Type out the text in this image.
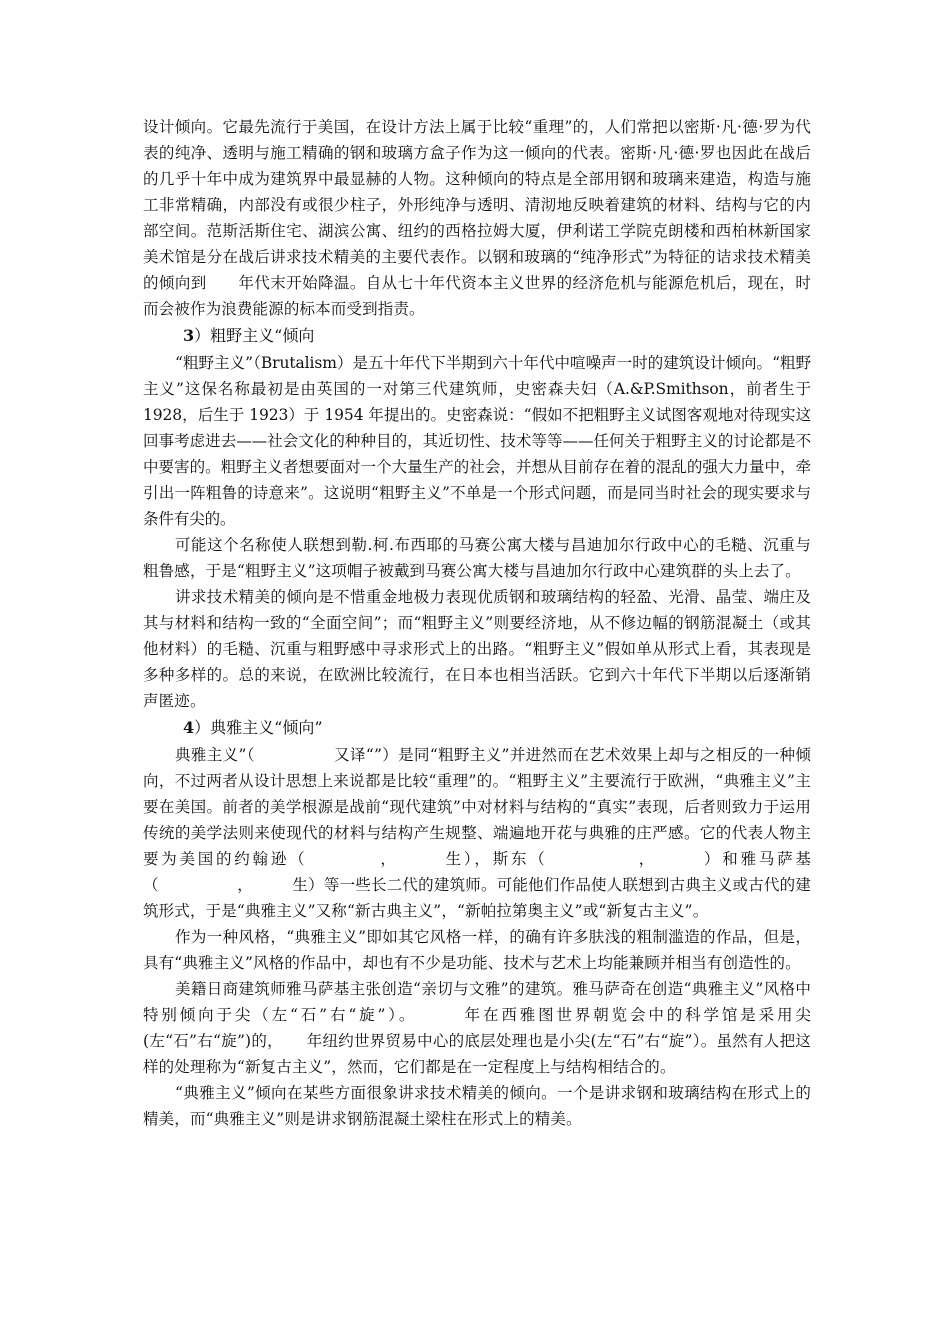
设计倾向。它最先流行于美国，在设计方法上属于比较“重理”的，人们常把以密斯·凡·德·罗为代表的纯净、透明与施工精确的钢和玻璃方盒子作为这一倾向的代表。密斯·凡·德·罗也因此在战后的几乎十年中成为建筑界中最显赫的人物。这种倾向的特点是全部用钢和玻璃来建造，构造与施工非常精确，内部没有或很少柱子，外形纯净与透明、清沏地反映着建筑的材料、结构与它的内部空间。范斯活斯住宅、湖滨公寓、纽约的西格拉姆大厦，伊利诺工学院克朗楼和西柏林新国家美术馆是分在战后讲求技术精美的主要代表作。以钢和玻璃的“纯净形式”为特征的诘求技术精美的倾向到　　年代末开始降温。自从七十年代资本主义世界的经济危机与能源危机后，现在，时而会被作为浪费能源的标本而受到指责。

3）粗野主义“倾向

“粗野主义”（Brutalism）是五十年代下半期到六十年代中喧噪声一时的建筑设计倾向。“粗野主义”这保名称最初是由英国的一对第三代建筑师，史密森夫妇（A.&P.Smithson，前者生于 1928，后生于 1923）于 1954 年提出的。史密森说：“假如不把粗野主义试图客观地对待现实这回事考虑进去——社会文化的种种目的，其近切性、技术等等——任何关于粗野主义的讨论都是不中要害的。粗野主义者想要面对一个大量生产的社会，并想从目前存在着的混乱的强大力量中，牵引出一阵粗鲁的诗意来”。这说明“粗野主义”不单是一个形式问题，而是同当时社会的现实要求与条件有尖的。

可能这个名称使人联想到勒.柯.布西耶的马赛公寓大楼与昌迪加尔行政中心的毛糙、沉重与粗鲁感，于是“粗野主义”这项帽子被戴到马赛公寓大楼与昌迪加尔行政中心建筑群的头上去了。

讲求技术精美的倾向是不惜重金地极力表现优质钢和玻璃结构的轻盈、光滑、晶莹、端庄及其与材料和结构一致的“全面空间”；而“粗野主义”则要经济地，从不修边幅的钢筋混凝土（或其他材料）的毛糙、沉重与粗野感中寻求形式上的出路。“粗野主义”假如单从形式上看，其表现是多种多样的。总的来说，在欧洲比较流行，在日本也相当活跃。它到六十年代下半期以后逐渐销声匿迹。

4）典雅主义“倾向”

典雅主义”（　　　　　又译“”）是同“粗野主义”并进然而在艺术效果上却与之相反的一种倾向，不过两者从设计思想上来说都是比较“重理”的。“粗野主义”主要流行于欧洲，“典雅主义”主要在美国。前者的美学根源是战前“现代建筑”中对材料与结构的“真实”表现，后者则致力于运用传统的美学法则来使现代的材料与结构产生规整、端遍地开花与典雅的庄严感。它的代表人物主要为美国的约翰逊（　　　　，　　　生），斯东（　　　　　，　　　）和雅马萨基（　　　　　，　　　生）等一些长二代的建筑师。可能他们作品使人联想到古典主义或古代的建筑形式，于是“典雅主义”又称“新古典主义”，“新帕拉第奥主义”或“新复古主义”。

作为一种风格，“典雅主义”即如其它风格一样，的确有许多肤浅的粗制滥造的作品，但是，具有“典雅主义”风格的作品中，却也有不少是功能、技术与艺术上均能兼顾并相当有创造性的。

美籍日商建筑师雅马萨基主张创造“亲切与文雅”的建筑。雅马萨奇在创造“典雅主义”风格中特别倾向于尖（左“石”右“旋”）。　　　年在西雅图世界朝览会中的科学馆是采用尖(左“石”右“旋”)的，　　年纽约世界贸易中心的底层处理也是小尖(左“石”右“旋”）。虽然有人把这样的处理称为“新复古主义”，然而，它们都是在一定程度上与结构相结合的。

“典雅主义”倾向在某些方面很象讲求技术精美的倾向。一个是讲求钢和玻璃结构在形式上的精美，而“典雅主义”则是讲求钢筋混凝土梁柱在形式上的精美。
